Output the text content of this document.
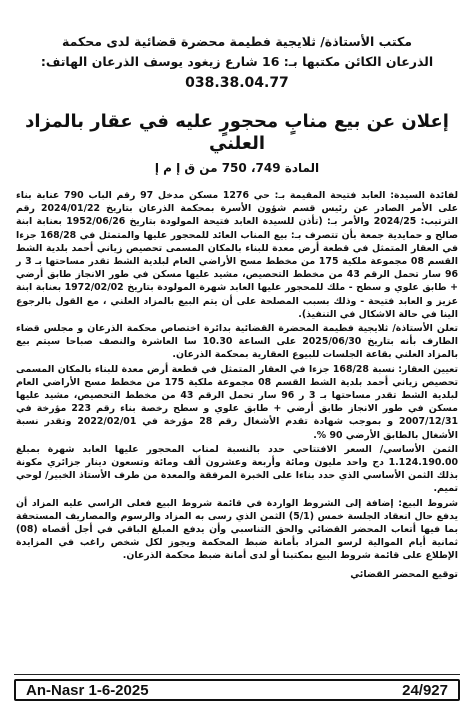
مكتب الأستاذة/ ثلايجية فطيمة محضرة قضائية لدى محكمة
الذرعان الكائن مكتبها بـ: 16 شارع زيغود يوسف الذرعان الهاتف:
038.38.04.77
إعلان عن بيع منابٍ محجورٍ عليه في عقار بالمزاد العلني
المادة 749، 750 من ق إ م إ

لفائدة السيدة: العابد فتيحة المقيمة بـ: حي 1276 مسكن مدخل 97 رقم الباب 790 عنابة بناء على الأمر الصادر عن رئيس قسم شؤون الأسرة بمحكمة الذرعان بتاريخ 2024/01/22 رقم الترتيب: 2024/25 والأمر بـ: (تأذن للسيدة العابد فتيحة المولودة بتاريخ 1952/06/26 بعنابة ابنة صالح و حمايدية جمعة بأن تتصرف بـ: بيع المناب العائد للمحجور عليها والمتمثل في 168/28 جزءا في العقار المتمثل في قطعة أرض معدة للبناء بالمكان المسمى تحصيص زياني أحمد بلدية الشط القسم 08 مجموعة ملكية 175 من مخطط مسح الأراضي العام لبلدية الشط تقدر مساحتها بـ 3 ر 96 سار تحمل الرقم 43 من مخطط التحصيص، مشيد عليها مسكن في طور الانجاز طابق أرضي + طابق علوي و سطح - ملك للمحجور عليها العابد شهرة المولودة بتاريخ 1972/02/02 بعنابة ابنة عزيز و العابد فتيحة - وذلك بسبب المصلحة على أن يتم البيع بالمزاد العلني ، مع القول بالرجوع الينا في حالة الاشكال في التنفيذ).

تعلن الأستاذة/ ثلايجية فطيمة المحضرة القضائية بدائرة اختصاص محكمة الذرعان و مجلس قضاء الطارف بأنه بتاريخ 2025/06/30 على الساعة 10.30 سا العاشرة والنصف صباحا سيتم بيع بالمزاد العلني بقاعة الجلسات للبيوع العقارية بمحكمة الذرعان.

تعيين العقار: نسبة 168/28 جزءا في العقار المتمثل في قطعة أرض معدة للبناء بالمكان المسمى تحصيص زياني أحمد بلدية الشط القسم 08 مجموعة ملكية 175 من مخطط مسح الأراضي العام لبلدية الشط تقدر مساحتها بـ 3 ر 96 سار تحمل الرقم 43 من مخطط التحصيص، مشيد عليها مسكن في طور الانجاز طابق أرضي + طابق علوي و سطح رخصة بناء رقم 223 مؤرخة في 2007/12/31 و بموجب شهادة تقدم الأشغال رقم 28 مؤرخة في 2022/02/01 وتقدر نسبة الأشغال بالطابق الأرضي 90 %.

الثمن الأساسي/ السعر الافتتاحي حدد بالنسبة لمناب المحجور عليها العابد شهرة بمبلغ 1.124.190.00 دج واحد مليون ومائة وأربعة وعشرون ألف ومائة وتسعون دينار جزائري مكونة بذلك الثمن الأساسي الذي حدد بناءا على الخبرة المرفقة والمعدة من طرف الأستاذ الخبير/ لوحي تميم.

شروط البيع: إضافة إلى الشروط الواردة في قائمة شروط البيع فعلى الراسي عليه المزاد أن يدفع حال انعقاد الجلسة خمس (5/1) الثمن الذي رسى به المزاد والرسوم والمصاريف المستحقة بما فيها أتعاب المحضر القضائي والحق التناسبي وأن يدفع المبلغ الباقي في أجل أقصاه (08) ثمانية أيام الموالية لرسو المزاد بأمانة ضبط المحكمة ويجوز لكل شخص راغب في المزايدة الإطلاع على قائمة شروط البيع بمكتبنا أو لدى أمانة ضبط محكمة الذرعان.

توقيع المحضر القضائي
An-Nasr 1-6-2025	24/927
